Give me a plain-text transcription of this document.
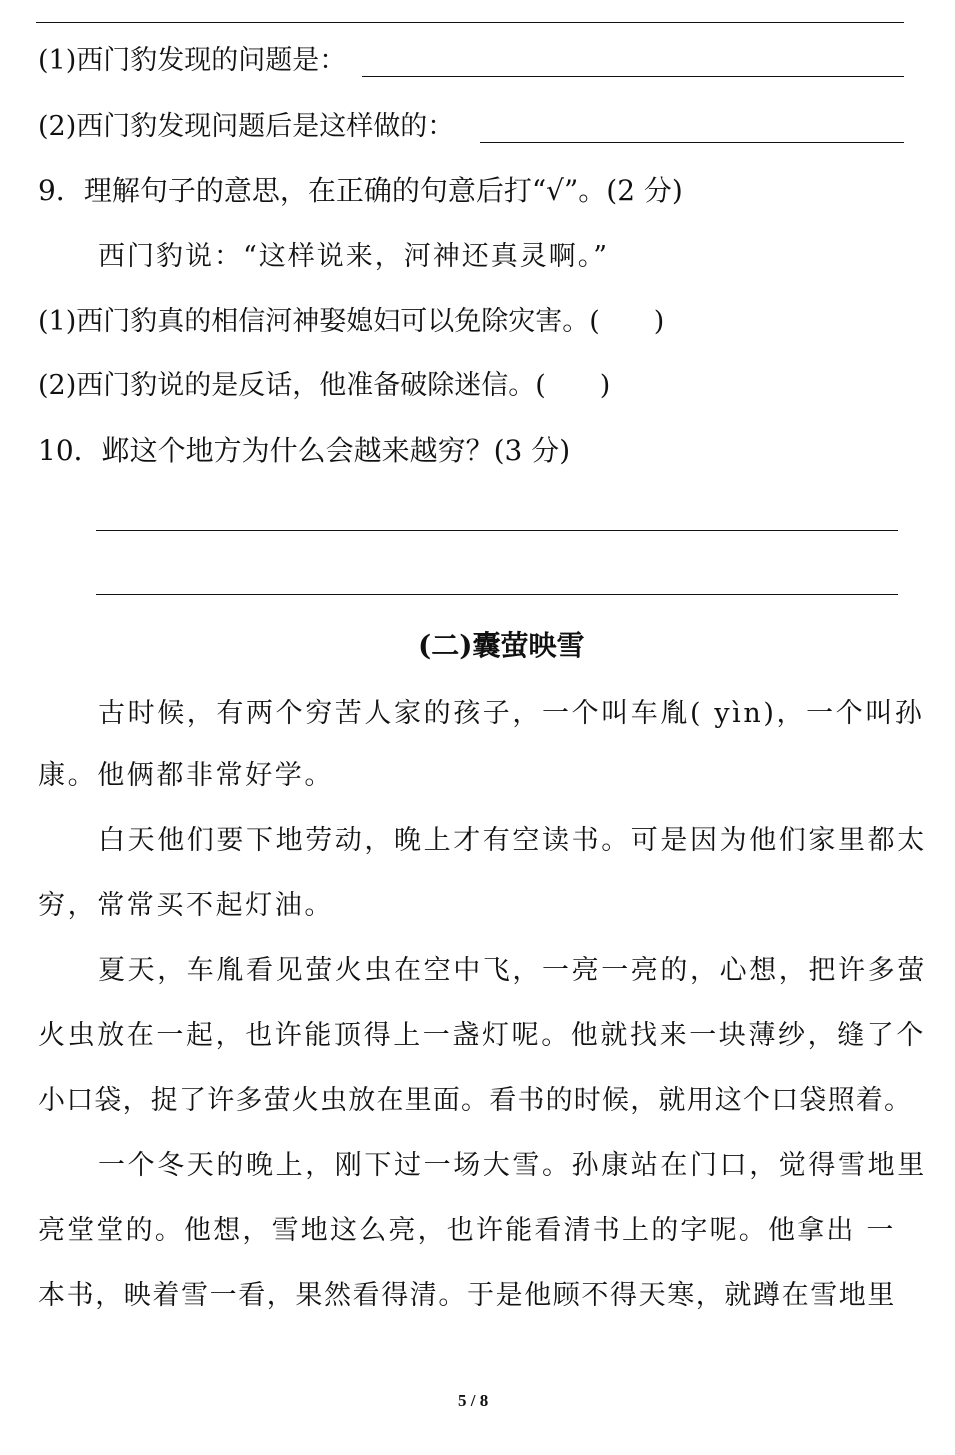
(1)西门豹发现的问题是：
(2)西门豹发现问题后是这样做的：
9．理解句子的意思，在正确的句意后打“√”。(2 分)
西门豹说：“这样说来，河神还真灵啊。”
(1)西门豹真的相信河神娶媳妇可以免除灾害。(　　)
(2)西门豹说的是反话，他准备破除迷信。(　　)
10．邺这个地方为什么会越来越穷？(3 分)
(二)囊萤映雪
古时候，有两个穷苦人家的孩子，一个叫车胤( yìn)，一个叫孙
康。他俩都非常好学。
白天他们要下地劳动，晚上才有空读书。可是因为他们家里都太
穷，常常买不起灯油。
夏天，车胤看见萤火虫在空中飞，一亮一亮的，心想，把许多萤
火虫放在一起，也许能顶得上一盏灯呢。他就找来一块薄纱，缝了个
小口袋，捉了许多萤火虫放在里面。看书的时候，就用这个口袋照着。
一个冬天的晚上，刚下过一场大雪。孙康站在门口，觉得雪地里
亮堂堂的。他想，雪地这么亮，也许能看清书上的字呢。他拿出 一
本书，映着雪一看，果然看得清。于是他顾不得天寒，就蹲在雪地里
5 / 8
